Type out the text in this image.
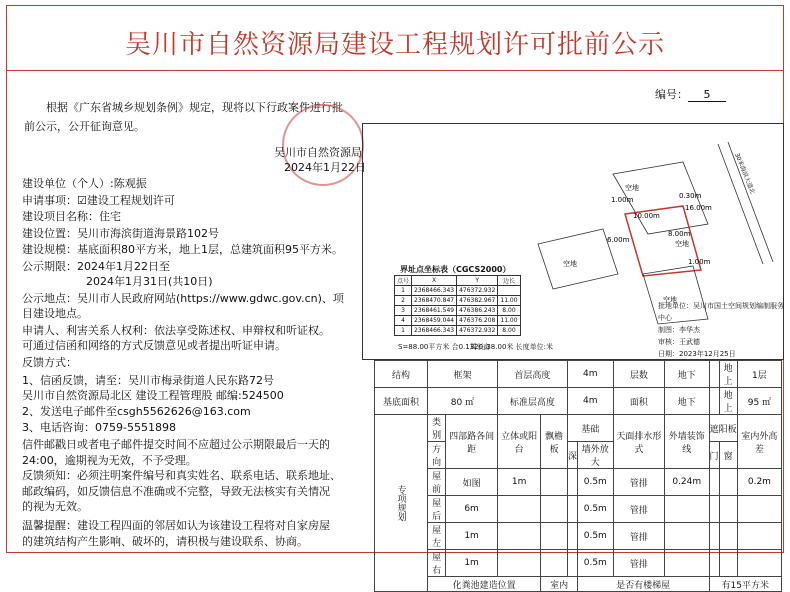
吴川市自然资源局建设工程规划许可批前公示
编号： 5
根据《广东省城乡规划条例》规定，现将以下行政案件进行批前公示，公开征询意见。
吴川市自然资源局
2024年1月22日
建设单位（个人）:陈观振
申请事项：☑建设工程规划许可
建设项目名称：住宅
建设位置：吴川市海滨街道海景路102号
建设规模：基底面积80平方米，地上1层，总建筑面积95平方米。
公示期限：2024年1月22日至
2024年1月31日(共10日)
公示地点：吴川市人民政府网站(https://www.gdwc.gov.cn)、项
目建设地点。
申请人、利害关系人权利：依法享受陈述权、申辩权和听证权。
可通过信函和网络的方式反馈意见或者提出听证申请。
反馈方式：
1、信函反馈，请至：吴川市梅录街道人民东路72号
吴川市自然资源局北区 建设工程管理股 邮编:524500
2、发送电子邮件至csgh5562626@163.com
3、电话咨询：0759-5551898
信件邮戳日或者电子邮件提交时间不应超过公示期限最后一天的
24:00，逾期视为无效，不予受理。
反馈须知：必须注明案件编号和真实姓名、联系电话、联系地址、
邮政编码，如反馈信息不准确或不完整，导致无法核实有关情况
的视为无效。
温馨提醒：建设工程四面的邻居如认为该建设工程将对自家房屋
的建筑结构产生影响、破坏的，请积极与建设联系、协商。
空地
空地
空地
空地
30米海滨大道北
1.00m	0.30m
16.00m
10.00m
8.00m
6.00m
1.00m
界址点坐标表（CGCS2000）
点号	X	Y	边长
1	2368466.343	476372.932	
2	2368470.847	476382.967	11.00
3	2368461.549	476386.243	8.00
4	2368459.044	476376.208	11.00
1	2368466.343	476372.932	8.00
S=88.00平方米 合0.1320亩
周长:38.00米 长度单位:米
批地单位：吴川市国土空间规划编制服务中心
制图：李华杰
审核：王武德
日期：2023年12月25日
结构	框架		首层高度		4m		层数	地下		地上	1层
基底面积	80 ㎡		标准层高度		4m		面积	地下		地上	95 ㎡
专项规划	类别	四部路各间距	立体或阳台	飘檐板	基础		天面排水形式	外墙装饰线	遮阳板		室内外高差
	方向				深	墙外放大			门	窗	
	屋前	如图	1m			0.5m	管排	0.24m			0.2m
	屋后	6m				0.5m	管排				
	屋左	1m				0.5m	管排				
	屋右	1m				0.5m	管排				
	化粪池建造位置			室内		是否有楼梯屋			有15平方米		
